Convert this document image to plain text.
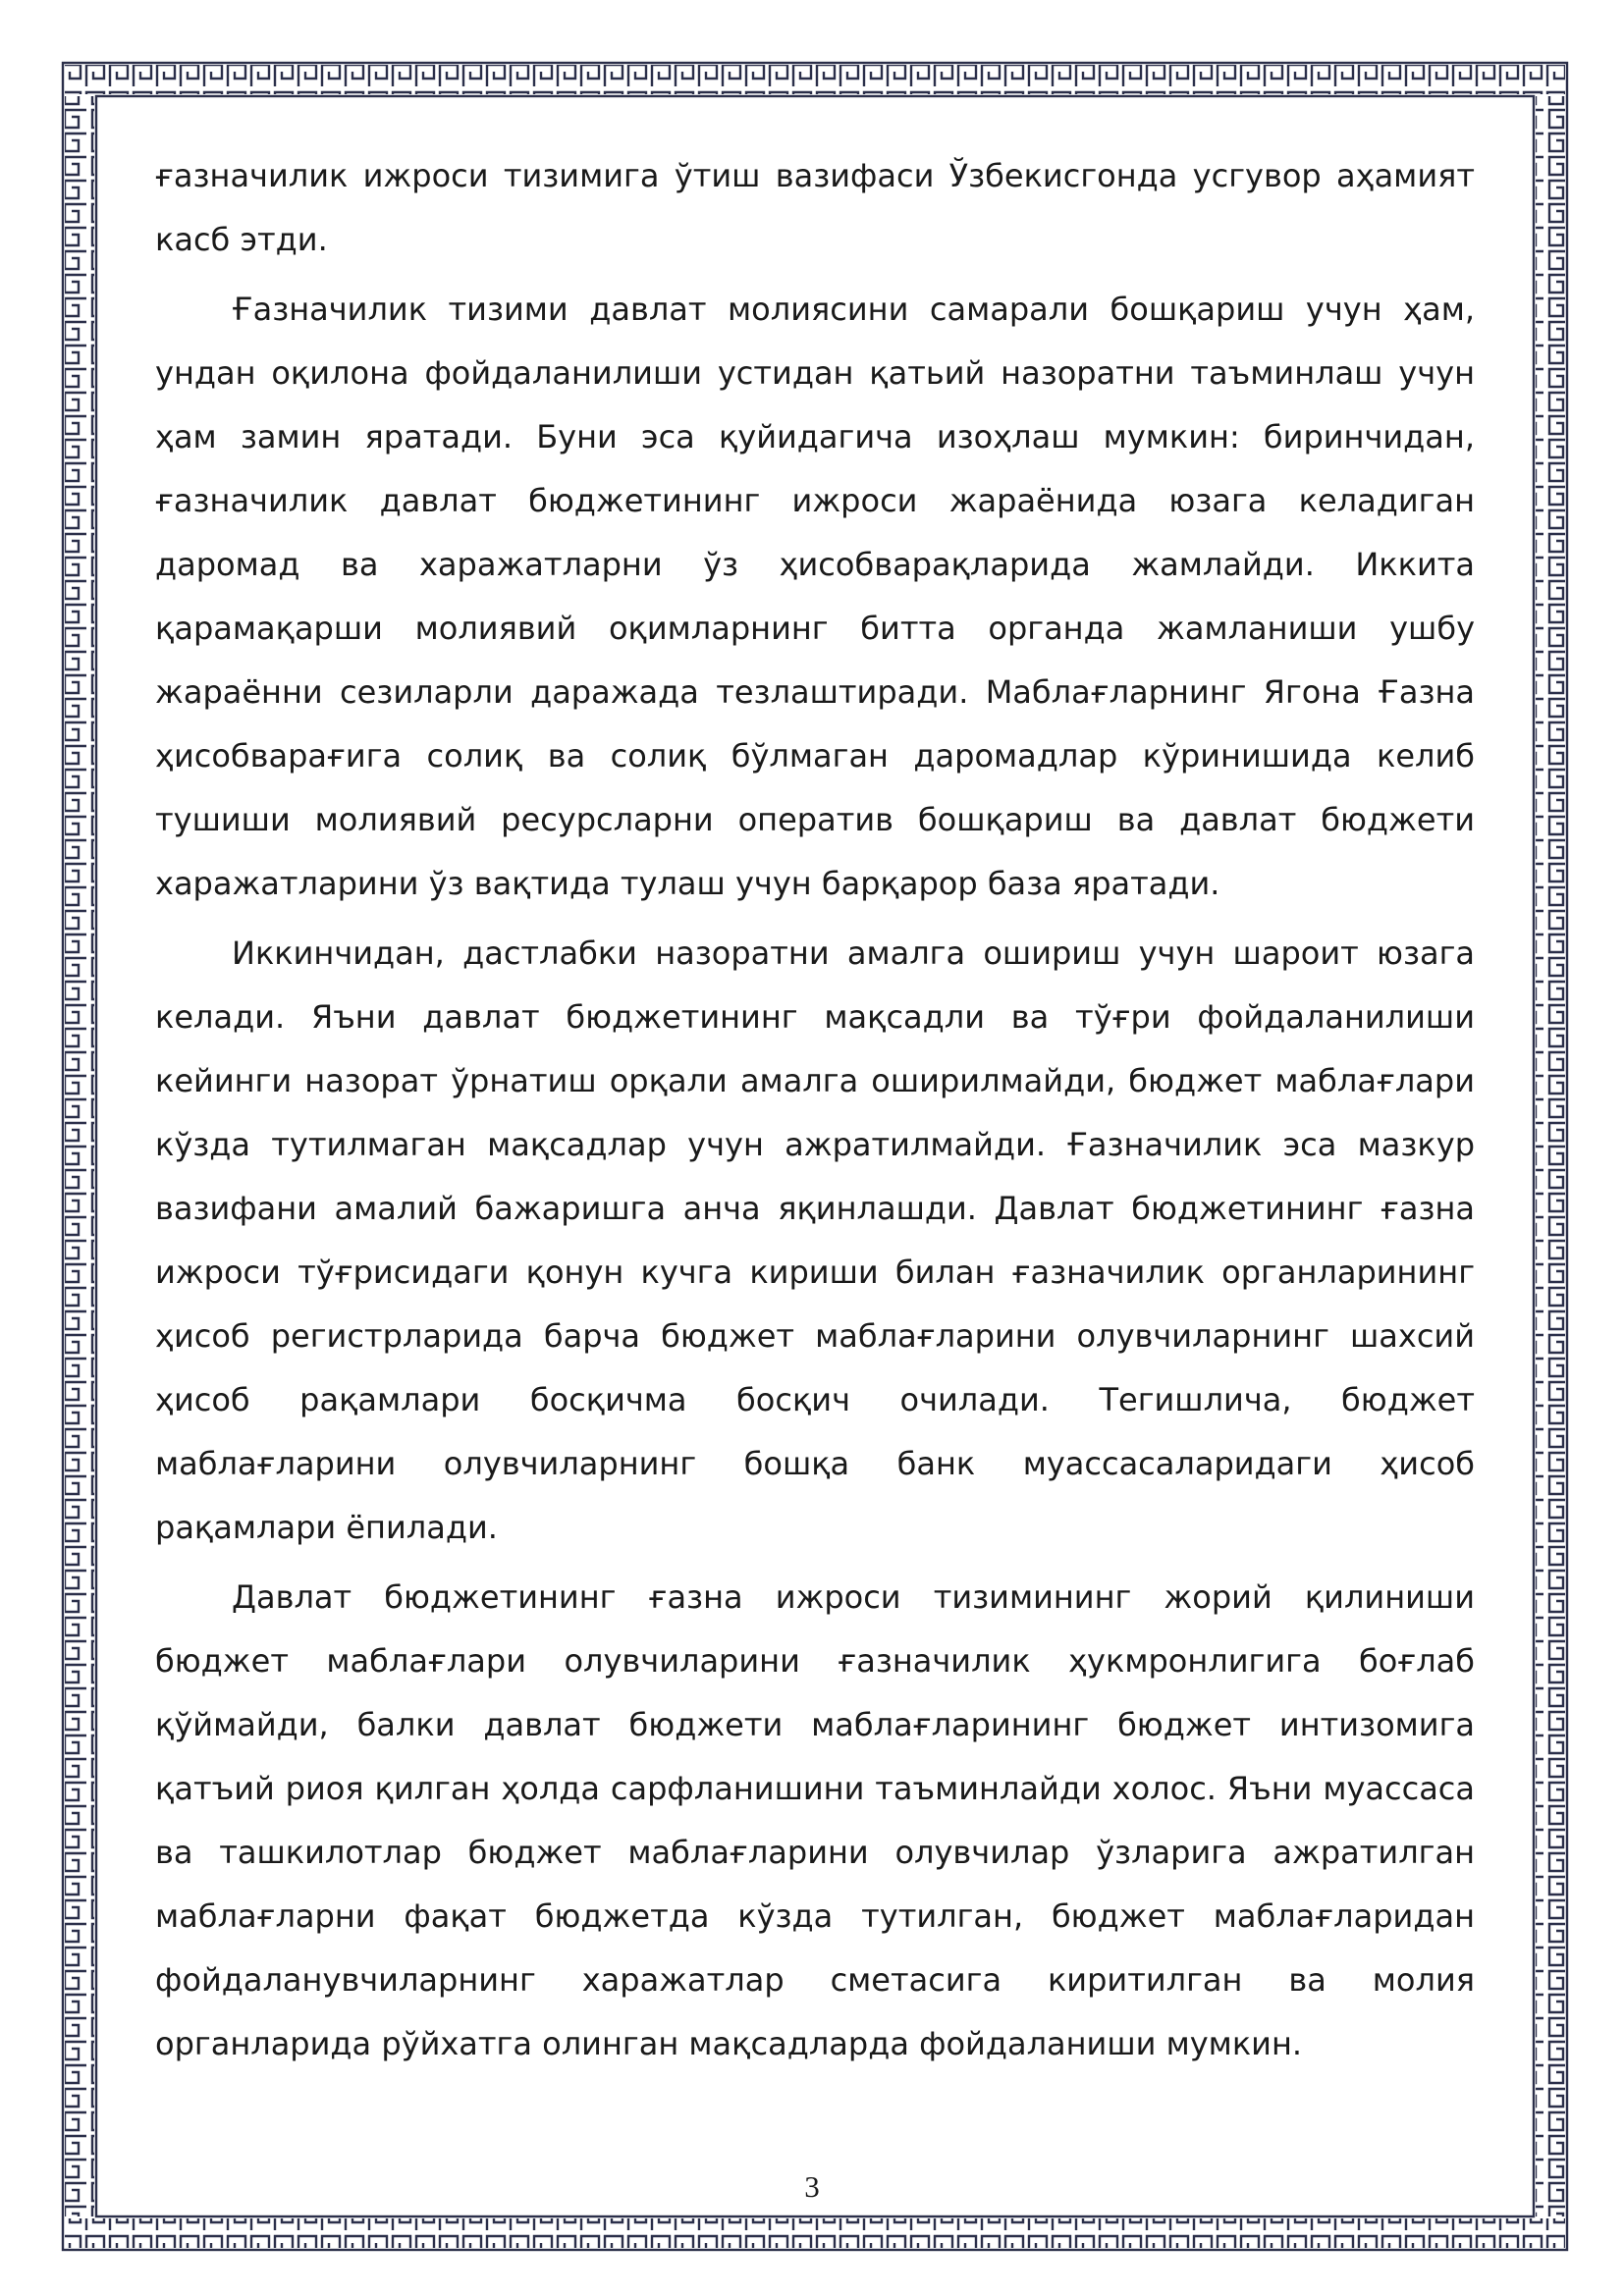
ғазначилик ижроси тизимига ўтиш вазифаси Ўзбекисгонда усгувор аҳамият касб этди.

Ғазначилик тизими давлат молиясини самарали бошқариш учун ҳам, ундан оқилона фойдаланилиши устидан қатьий назоратни таъминлаш учун ҳам замин яратади. Буни эса қуйидагича изоҳлаш мумкин: биринчидан, ғазначилик давлат бюджетининг ижроси жараёнида юзага келадиган даромад ва харажатларни ўз ҳисобварақларида жамлайди. Иккита қарамақарши молиявий оқимларнинг битта органда жамланиши ушбу жараённи сезиларли даражада тезлаштиради. Маблағларнинг Ягона Ғазна ҳисобварағига солиқ ва солиқ бўлмаган даромадлар кўринишида келиб тушиши молиявий ресурсларни оператив бошқариш ва давлат бюджети харажатларини ўз вақтида тулаш учун барқарор база яратади.

Иккинчидан, дастлабки назоратни амалга ошириш учун шароит юзага келади. Яъни давлат бюджетининг мақсадли ва тўғри фойдаланилиши кейинги назорат ўрнатиш орқали амалга оширилмайди, бюджет маблағлари кўзда тутилмаган мақсадлар учун ажратилмайди. Ғазначилик эса мазкур вазифани амалий бажаришга анча яқинлашди. Давлат бюджетининг ғазна ижроси тўғрисидаги қонун кучга кириши билан ғазначилик органларининг ҳисоб регистрларида барча бюджет маблағларини олувчиларнинг шахсий ҳисоб рақамлари босқичма босқич очилади. Тегишлича, бюджет маблағларини олувчиларнинг бошқа банк муассасаларидаги ҳисоб рақамлари ёпилади.

Давлат бюджетининг ғазна ижроси тизимининг жорий қилиниши бюджет маблағлари олувчиларини ғазначилик ҳукмронлигига боғлаб қўймайди, балки давлат бюджети маблағларининг бюджет интизомига қатъий риоя қилган ҳолда сарфланишини таъминлайди холос. Яъни муассаса ва ташкилотлар бюджет маблағларини олувчилар ўзларига ажратилган маблағларни фақат бюджетда кўзда тутилган, бюджет маблағларидан фойдаланувчиларнинг харажатлар сметасига киритилган ва молия органларида рўйхатга олинган мақсадларда фойдаланиши мумкин.

3
